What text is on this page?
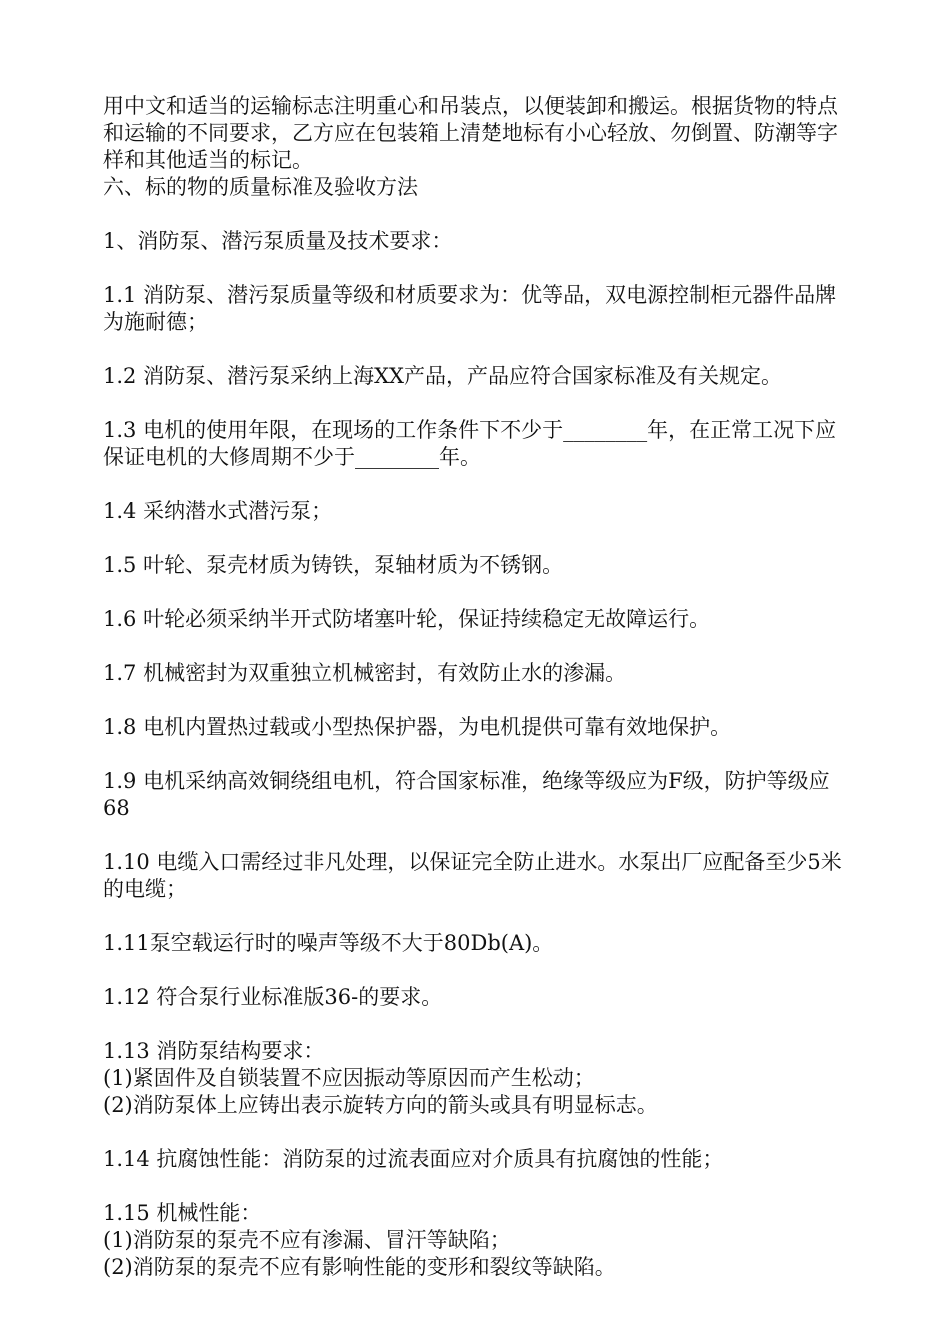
用中文和适当的运输标志注明重心和吊装点，以便装卸和搬运。根据货物的特点和运输的不同要求，乙方应在包装箱上清楚地标有小心轻放、勿倒置、防潮等字样和其他适当的标记。

六、标的物的质量标准及验收方法

1、消防泵、潜污泵质量及技术要求：

1.1 消防泵、潜污泵质量等级和材质要求为：优等品，双电源控制柜元器件品牌为施耐德；

1.2 消防泵、潜污泵采纳上海XX产品，产品应符合国家标准及有关规定。

1.3 电机的使用年限，在现场的工作条件下不少于________年，在正常工况下应保证电机的大修周期不少于________年。

1.4 采纳潜水式潜污泵；

1.5 叶轮、泵壳材质为铸铁，泵轴材质为不锈钢。

1.6 叶轮必须采纳半开式防堵塞叶轮，保证持续稳定无故障运行。

1.7 机械密封为双重独立机械密封，有效防止水的渗漏。

1.8 电机内置热过载或小型热保护器，为电机提供可靠有效地保护。

1.9 电机采纳高效铜绕组电机，符合国家标准，绝缘等级应为F级，防护等级应68

1.10 电缆入口需经过非凡处理，以保证完全防止进水。水泵出厂应配备至少5米的电缆；

1.11泵空载运行时的噪声等级不大于80Db(A)。

1.12 符合泵行业标准版36-的要求。

1.13 消防泵结构要求：

(1)紧固件及自锁装置不应因振动等原因而产生松动；

(2)消防泵体上应铸出表示旋转方向的箭头或具有明显标志。

1.14 抗腐蚀性能：消防泵的过流表面应对介质具有抗腐蚀的性能；

1.15 机械性能：

(1)消防泵的泵壳不应有渗漏、冒汗等缺陷；

(2)消防泵的泵壳不应有影响性能的变形和裂纹等缺陷。
